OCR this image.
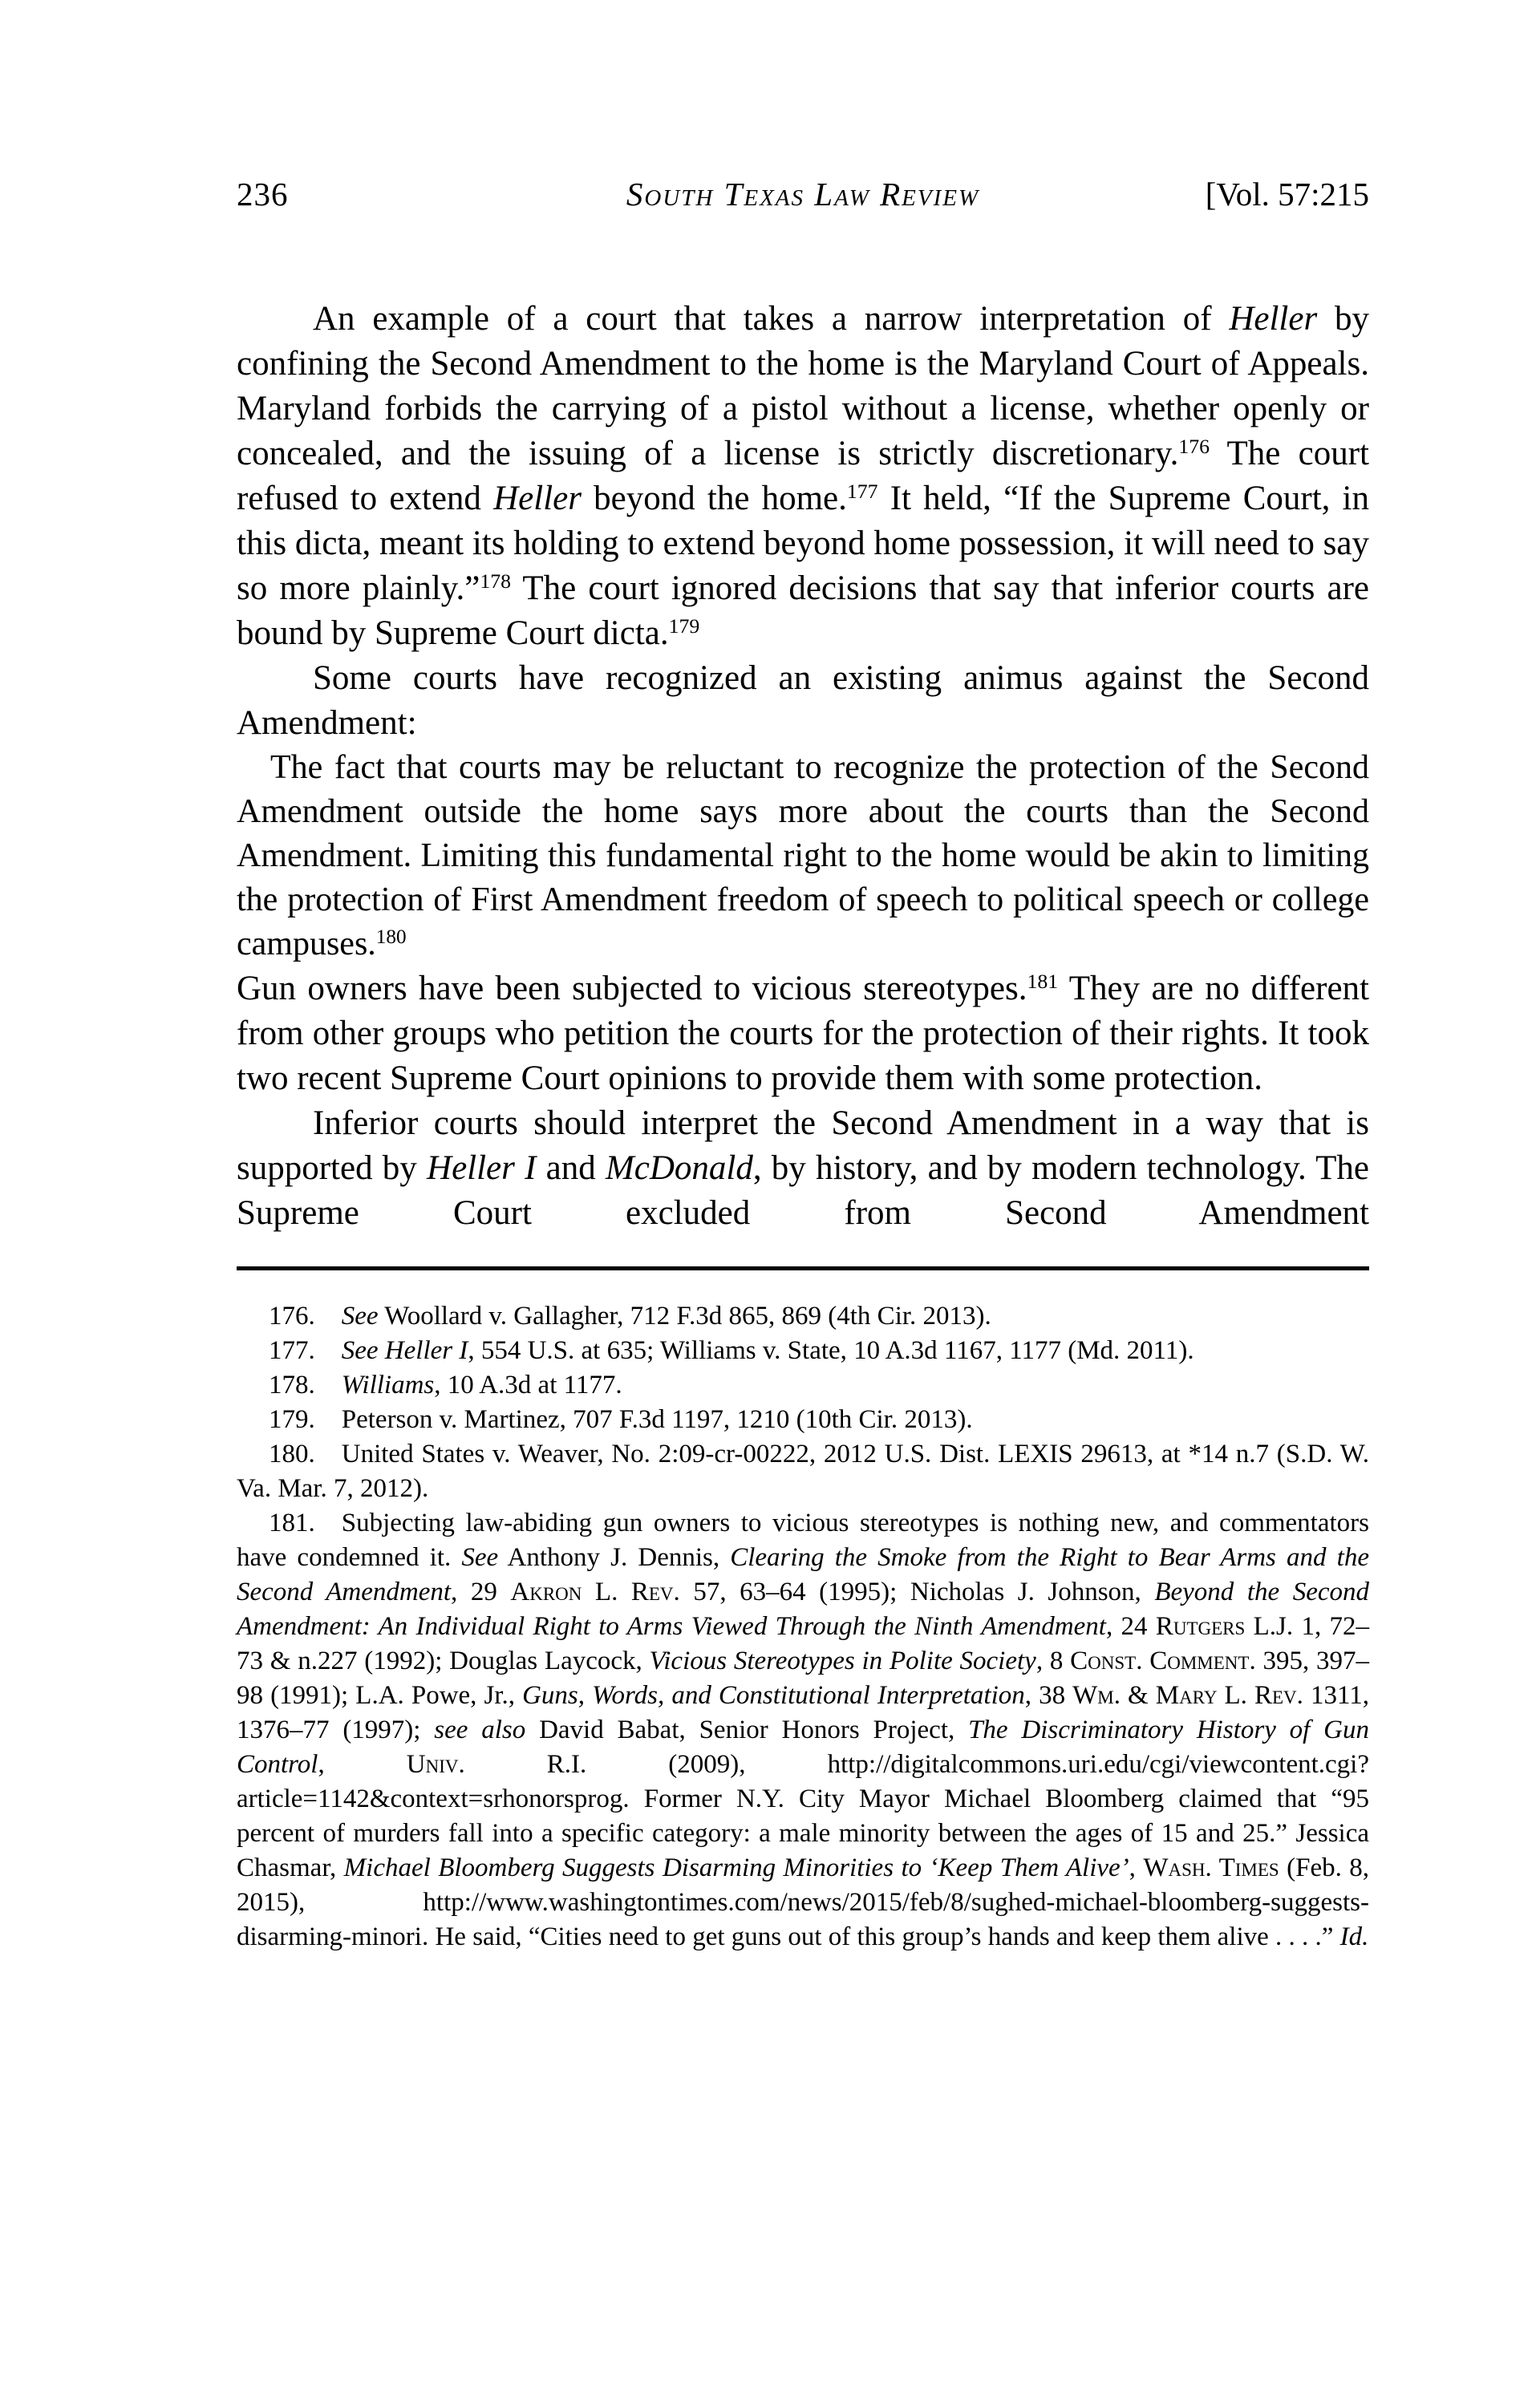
236	South Texas Law Review	[Vol. 57:215

An example of a court that takes a narrow interpretation of Heller by confining the Second Amendment to the home is the Maryland Court of Appeals. Maryland forbids the carrying of a pistol without a license, whether openly or concealed, and the issuing of a license is strictly discretionary.$^{176}$ The court refused to extend Heller beyond the home.$^{177}$ It held, “If the Supreme Court, in this dicta, meant its holding to extend beyond home possession, it will need to say so more plainly.”$^{178}$ The court ignored decisions that say that inferior courts are bound by Supreme Court dicta.$^{179}$

Some courts have recognized an existing animus against the Second Amendment:

The fact that courts may be reluctant to recognize the protection of the Second Amendment outside the home says more about the courts than the Second Amendment. Limiting this fundamental right to the home would be akin to limiting the protection of First Amendment freedom of speech to political speech or college campuses.$^{180}$

Gun owners have been subjected to vicious stereotypes.$^{181}$ They are no different from other groups who petition the courts for the protection of their rights. It took two recent Supreme Court opinions to provide them with some protection.

Inferior courts should interpret the Second Amendment in a way that is supported by Heller I and McDonald, by history, and by modern technology. The Supreme Court excluded from Second Amendment

176. See Woollard v. Gallagher, 712 F.3d 865, 869 (4th Cir. 2013).

177. See Heller I, 554 U.S. at 635; Williams v. State, 10 A.3d 1167, 1177 (Md. 2011).

178. Williams, 10 A.3d at 1177.

179. Peterson v. Martinez, 707 F.3d 1197, 1210 (10th Cir. 2013).

180. United States v. Weaver, No. 2:09-cr-00222, 2012 U.S. Dist. LEXIS 29613, at *14 n.7 (S.D. W. Va. Mar. 7, 2012).

181. Subjecting law-abiding gun owners to vicious stereotypes is nothing new, and commentators have condemned it. See Anthony J. Dennis, Clearing the Smoke from the Right to Bear Arms and the Second Amendment, 29 Akron L. Rev. 57, 63–64 (1995); Nicholas J. Johnson, Beyond the Second Amendment: An Individual Right to Arms Viewed Through the Ninth Amendment, 24 Rutgers L.J. 1, 72–73 & n.227 (1992); Douglas Laycock, Vicious Stereotypes in Polite Society, 8 Const. Comment. 395, 397–98 (1991); L.A. Powe, Jr., Guns, Words, and Constitutional Interpretation, 38 Wm. & Mary L. Rev. 1311, 1376–77 (1997); see also David Babat, Senior Honors Project, The Discriminatory History of Gun Control, Univ. R.I. (2009), http://digitalcommons.uri.edu/cgi/viewcontent.cgi?article=1142&context=srhonorsprog. Former N.Y. City Mayor Michael Bloomberg claimed that “95 percent of murders fall into a specific category: a male minority between the ages of 15 and 25.” Jessica Chasmar, Michael Bloomberg Suggests Disarming Minorities to ‘Keep Them Alive’, Wash. Times (Feb. 8, 2015), http://www.washingtontimes.com/news/2015/feb/8/sughed-michael-bloomberg-suggests-disarming-minori. He said, “Cities need to get guns out of this group’s hands and keep them alive . . . .” Id.
